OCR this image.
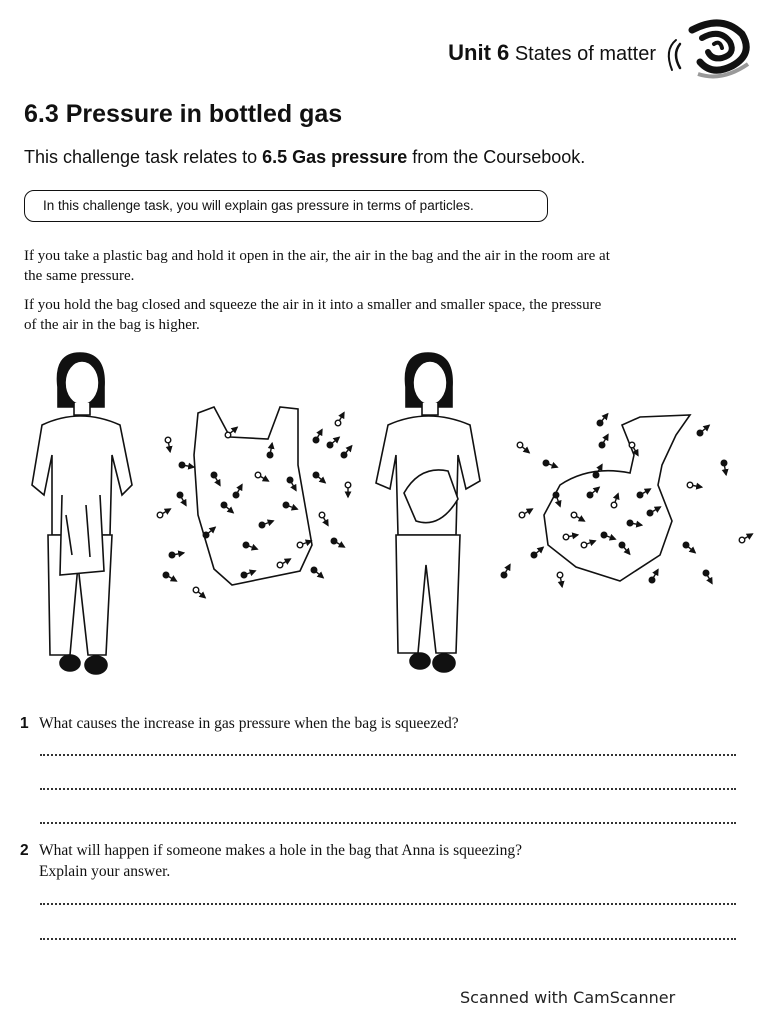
Unit 6 States of matter
6.3 Pressure in bottled gas
This challenge task relates to 6.5 Gas pressure from the Coursebook.
In this challenge task, you will explain gas pressure in terms of particles.
If you take a plastic bag and hold it open in the air, the air in the bag and the air in the room are at the same pressure.
If you hold the bag closed and squeeze the air in it into a smaller and smaller space, the pressure of the air in the bag is higher.
1 What causes the increase in gas pressure when the bag is squeezed?
2 What will happen if someone makes a hole in the bag that Anna is squeezing?
Explain your answer.
Scanned with CamScanner
